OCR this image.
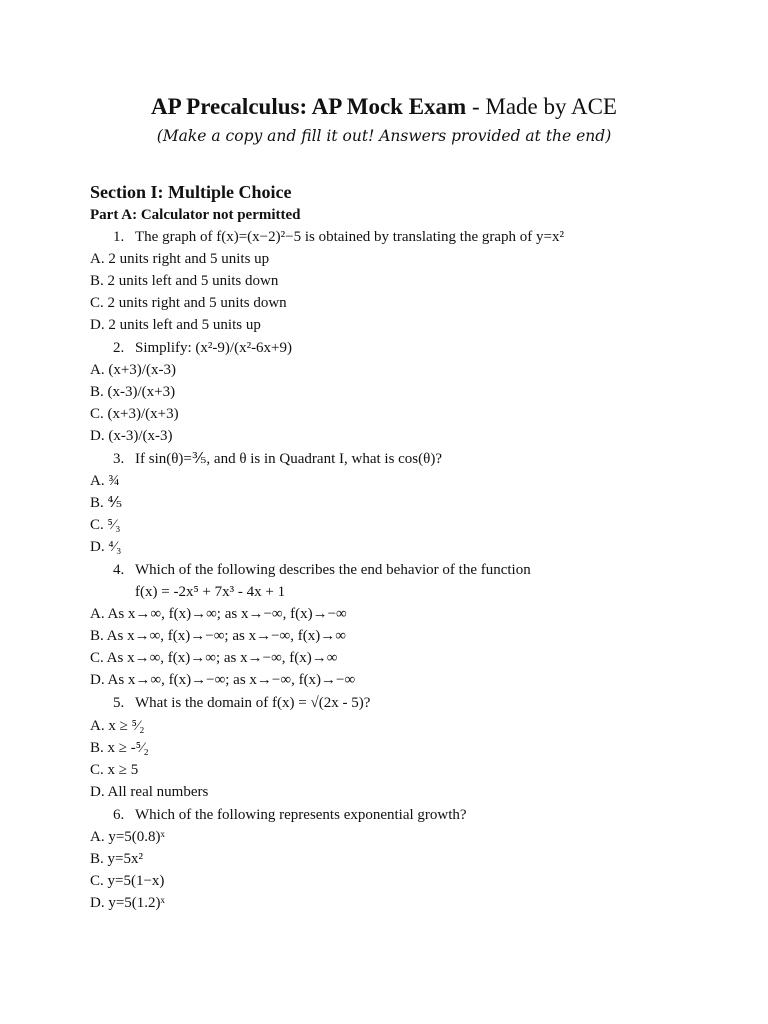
AP Precalculus: AP Mock Exam - Made by ACE
(Make a copy and fill it out! Answers provided at the end)
Section I: Multiple Choice
Part A: Calculator not permitted
1. The graph of f(x)=(x−2)²−5 is obtained by translating the graph of y=x²
A. 2 units right and 5 units up
B. 2 units left and 5 units down
C. 2 units right and 5 units down
D. 2 units left and 5 units up
2. Simplify: (x²-9)/(x²-6x+9)
A. (x+3)/(x-3)
B. (x-3)/(x+3)
C. (x+3)/(x+3)
D. (x-3)/(x-3)
3. If sin(θ)=⅗, and θ is in Quadrant I, what is cos(θ)?
A. ¾
B. ⅘
C. ⁵⁄₃
D. ⁴⁄₃
4. Which of the following describes the end behavior of the function
f(x) = -2x⁵ + 7x³ - 4x + 1
A. As x→∞, f(x)→∞; as x→−∞, f(x)→−∞
B. As x→∞, f(x)→−∞; as x→−∞, f(x)→∞
C. As x→∞, f(x)→∞; as x→−∞, f(x)→∞
D. As x→∞, f(x)→−∞; as x→−∞, f(x)→−∞
5. What is the domain of f(x) = √(2x - 5)?
A. x ≥ ⁵⁄₂
B. x ≥ -⁵⁄₂
C. x ≥ 5
D. All real numbers
6. Which of the following represents exponential growth?
A. y=5(0.8)ˣ
B. y=5x²
C. y=5(1−x)
D. y=5(1.2)ˣ
